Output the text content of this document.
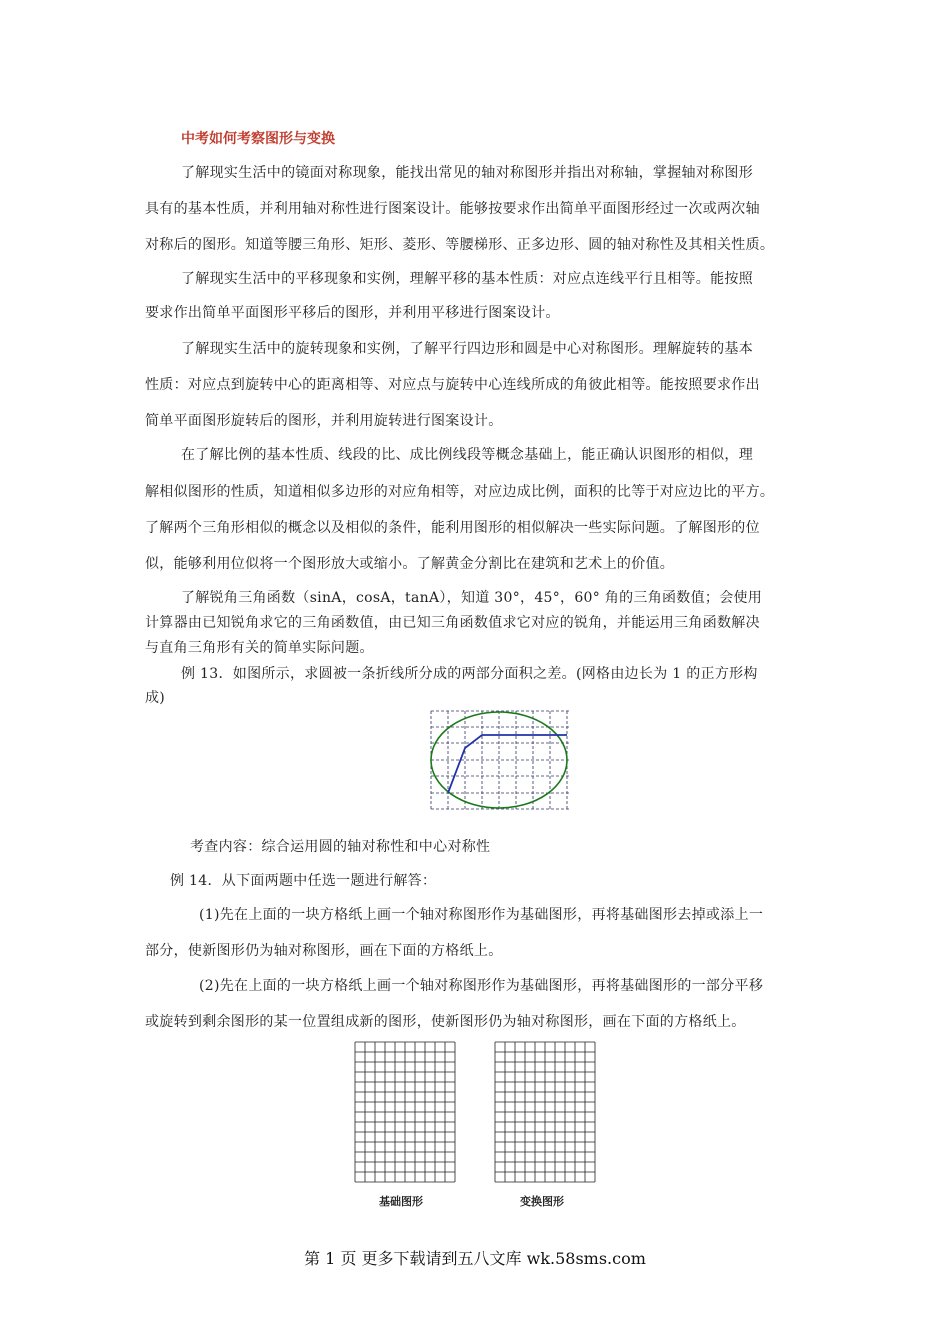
中考如何考察图形与变换
了解现实生活中的镜面对称现象，能找出常见的轴对称图形并指出对称轴，掌握轴对称图形
具有的基本性质，并利用轴对称性进行图案设计。能够按要求作出简单平面图形经过一次或两次轴
对称后的图形。知道等腰三角形、矩形、菱形、等腰梯形、正多边形、圆的轴对称性及其相关性质。
了解现实生活中的平移现象和实例，理解平移的基本性质：对应点连线平行且相等。能按照
要求作出简单平面图形平移后的图形，并利用平移进行图案设计。
了解现实生活中的旋转现象和实例，了解平行四边形和圆是中心对称图形。理解旋转的基本
性质：对应点到旋转中心的距离相等、对应点与旋转中心连线所成的角彼此相等。能按照要求作出
简单平面图形旋转后的图形，并利用旋转进行图案设计。
在了解比例的基本性质、线段的比、成比例线段等概念基础上，能正确认识图形的相似，理
解相似图形的性质，知道相似多边形的对应角相等，对应边成比例，面积的比等于对应边比的平方。
了解两个三角形相似的概念以及相似的条件，能利用图形的相似解决一些实际问题。了解图形的位
似，能够利用位似将一个图形放大或缩小。了解黄金分割比在建筑和艺术上的价值。
了解锐角三角函数（sinA，cosA，tanA），知道 30°，45°，60° 角的三角函数值；会使用
计算器由已知锐角求它的三角函数值，由已知三角函数值求它对应的锐角，并能运用三角函数解决
与直角三角形有关的简单实际问题。
例 13．如图所示，求圆被一条折线所分成的两部分面积之差。(网格由边长为 1 的正方形构
成)
考查内容：综合运用圆的轴对称性和中心对称性
例 14．从下面两题中任选一题进行解答：
(1)先在上面的一块方格纸上画一个轴对称图形作为基础图形，再将基础图形去掉或添上一
部分，使新图形仍为轴对称图形，画在下面的方格纸上。
(2)先在上面的一块方格纸上画一个轴对称图形作为基础图形，再将基础图形的一部分平移
或旋转到剩余图形的某一位置组成新的图形，使新图形仍为轴对称图形，画在下面的方格纸上。
基础图形	变换图形
第 1 页 更多下载请到五八文库 wk.58sms.com
